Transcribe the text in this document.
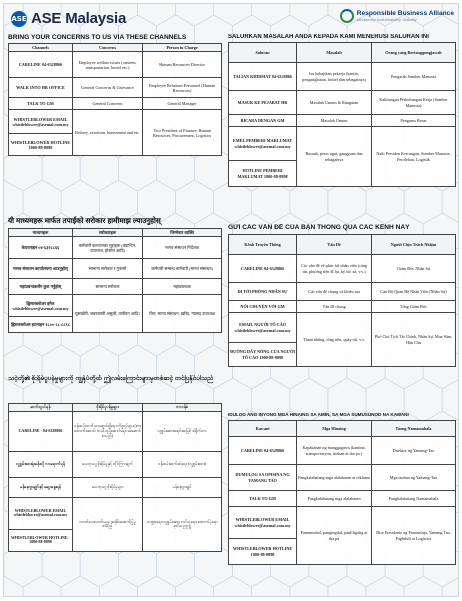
ASE ASE Malaysia	Responsible Business Alliance
Advancing Sustainability Globally
BRING YOUR CONCERNS TO US VIA THESE CHANNELS
Channels	Concerns	Person in Charge
CARELINE 04-6328866	Employee welfare issues (canteen, transportation, hostel etc.)	Human Resources Director
WALK INTO HR OFFICE	General Concerns & Grievance	Employee Relations Personnel (Human Resources)
TALK TO GM	General Concerns	General Manager
WHISTLEBLOWER EMAIL whistleblower@asemal.com.my	Bribery, extortion, harassment and etc.	Vice President of Finance, Human Resources, Procurement, Logistics
WHISTLEBLOWER HOTLINE 1800-88-8898		
यी माध्यमहरू मार्फत तपाईंको सरोकार हामीमाझ ल्याउनुहोस्
माध्यमहरू	सरोकारहरू	जिम्मेवार व्यक्ति
केयरलाइन ०४-६३२८८६६	कर्मचारी कल्याणका मुद्दाहरू (क्यान्टिन, यातायात, होस्टेल आदि)	मानव संसाधन निर्देशक
मानव संसाधन कार्यालयमा आउनुहोस्	सामान्य सरोकार र गुनासो	कर्मचारी सम्बन्ध कर्मचारी (मानव संसाधन)
महाप्रबन्धकसँग कुरा गर्नुहोस्	सामान्य सरोकार	महाप्रबन्धक
ह्विसलब्लोअर इमेल whistleblower@asemal.com.my	घूसखोरी, जबरजस्ती असुली, उत्पीडन आदि।	वित्त, मानव संसाधन, खरिद, र्‍यासद उपाध्यक्ष
ह्विसलब्लोअर हटलाइन १८००-८८-८८९८		
သင့်တို့၏ စိုးရိမ်ပူပန်မှုများကို ကျွန်ုပ်တို့ထံ ဤလမ်းကြောင်းများမှတစ်ဆင့် တင်ပြနိုင်ပါသည်
ဆက်သွယ်ရန်	စိုးရိမ်ပူပန်မှုများ	တာဝန်ခံ
CARELINE - 04-6328866	ဝန်ထမ်းသက်သာချောင်ချိရေး ကိစ္စရပ်များ (စားသောက်ဆောင်၊ သယ်ယူပို့ဆောင်ရေး၊ အဆောင် စသည်)	လူ့စွမ်းအားအရင်းအမြစ် ဒါရိုက်တာ
လူ့စွမ်းအားရုံးခန်းသို့ လာရောက်ရန်	ယေဘုယျ စိုးရိမ်မှုနှင့် တိုင်ကြားချက်	ဝန်ထမ်းဆက်ဆံရေး (လူ့စွမ်းအား)
မန်နေဂျာချုပ်နှင့် ဆွေးနွေးရန်	ယေဘုယျ စိုးရိမ်မှုများ	မန်နေဂျာချုပ်
WHISTLEBLOWER EMAIL whistleblower@asemal.com.my	လာဘ်ပေးလာဘ်ယူမှု၊ အနိုင်အထက်ပြုမှု စသည်	ဘဏ္ဍာရေး၊ လူ့စွမ်းအား၊ ဝယ်ယူရေး၊ ထောက်ပံ့ရေး ဒုတိယဥက္ကဋ္ဌ
WHISTLEBLOWER HOTLINE - 1800-88-8898		
SALURKAN MASALAH ANDA KEPADA KAMI MENERUSI SALURAN INI
Saluran	Masalah	Orang yang Bertanggungjawab
TALIAN KHIDMAT 04-6328866	Isu kebajikan pekerja (kantin, pengangkutan, hostel dan sebagainya)	Pengarah Sumber Manusia
MASUK KE PEJABAT HR	Masalah Umum & Rungutan	Kakitangan Perhubungan Kerja (Sumber Manusia)
BICARA DENGAN GM	Masalah Umum	Pengurus Besar
EMEL PEMBERI MAKLUMAT whistleblower@asemal.com.my	Rasuah, peras ugut, gangguan dan sebagainya	Naib Presiden Kewangan, Sumber Manusia, Perolehan, Logistik
HOTLINE PEMBERI MAKLUMAT 1800-88-8898		
GỬI CÁC VẤN ĐỀ CỦA BẠN THÔNG QUA CÁC KÊNH NÀY
Kênh Truyền Thông	Vấn Đề	Người Chịu Trách Nhiệm
CARELINE 04-6328866	Các vấn đề về phúc lợi nhân viên (căng tin, phương tiện đi lại, ký túc xá, v.v.)	Giám Đốc Nhân Sự
ĐI TỚI PHÒNG NHÂN SỰ	Các vấn đề chung và khiếu nại	Cán Bộ Quan Hệ Nhân Viên (Nhân Sự)
NÓI CHUYỆN VỚI GM	Vấn đề chung	Tổng Giám Đốc
EMAIL NGƯỜI TỐ CÁO whistleblower@asemal.com.my	Tham nhũng, tống tiền, quấy rối, v.v.	Phó Chủ Tịch Tài Chính, Nhân Sự, Mua Sắm, Hậu Cần
ĐƯỜNG DÂY NÓNG CỦA NGƯỜI TỐ CÁO 1800-88-8898		
IDULOG ANG INYONG MGA HINAING SA AMIN, SA MGA SUMUSUNOD NA KAWANI
Kawani	Mga Hinaing	Taong Namamahala
CARELINE 04-6328866	Kapakanan ng manggagawa (kantina, transportasyon, tirahan at iba pa.)	Direktor ng Yamang-Tao
DUMULOG SA OPISINA NG YAMANG TAO	Pangkalahatang mga alalahanin at reklamo	Mga tauhan ng Yamang-Tao
TALK TO GM	Pangkalahatang mga alalahanin	Pangkalahatang Namamahala
WHISTLEBLOWER EMAIL whistleblower@asemal.com.my	Pamumuhol, pangingikil, panliligalig at iba pa	Bise Presidente ng Pananalapi, Yamang Tao, Pagbibili at Logistics
WHISTLEBLOWER HOTLINE 1800-88-8898		
